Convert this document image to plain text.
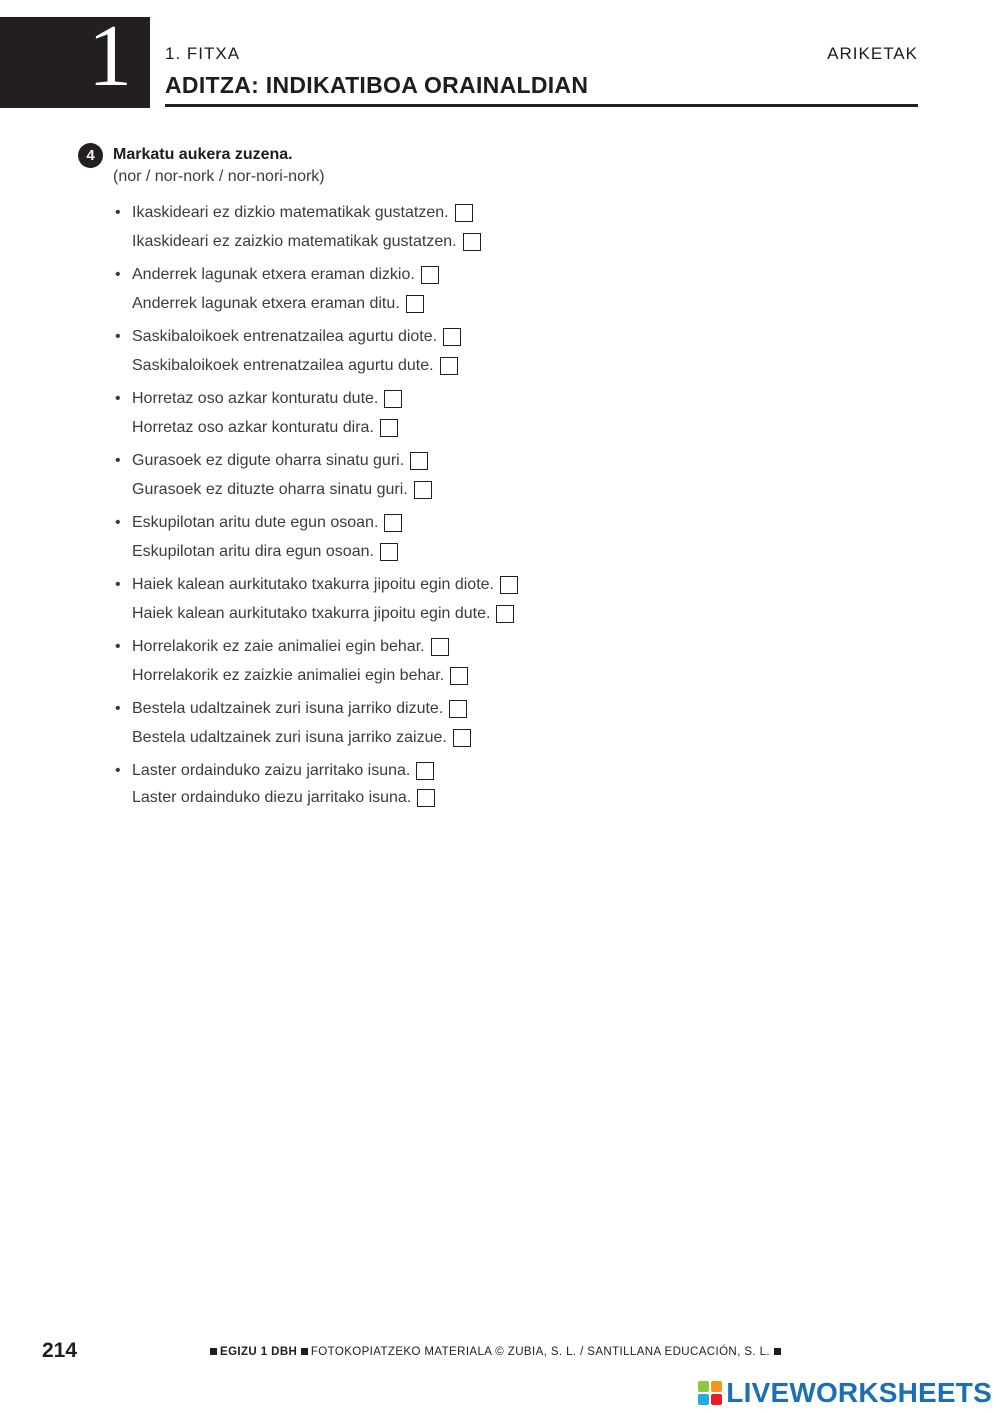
1 1. FITXA	ARIKETAK
ADITZA: INDIKATIBOA ORAINALDIAN
4	Markatu aukera zuzena.
(nor / nor-nork / nor-nori-nork)
• Ikaskideari ez dizkio matematikak gustatzen.
Ikaskideari ez zaizkio matematikak gustatzen.
• Anderrek lagunak etxera eraman dizkio.
Anderrek lagunak etxera eraman ditu.
• Saskibaloikoek entrenatzailea agurtu diote.
Saskibaloikoek entrenatzailea agurtu dute.
• Horretaz oso azkar konturatu dute.
Horretaz oso azkar konturatu dira.
• Gurasoek ez digute oharra sinatu guri.
Gurasoek ez dituzte oharra sinatu guri.
• Eskupilotan aritu dute egun osoan.
Eskupilotan aritu dira egun osoan.
• Haiek kalean aurkitutako txakurra jipoitu egin diote.
Haiek kalean aurkitutako txakurra jipoitu egin dute.
• Horrelakorik ez zaie animaliei egin behar.
Horrelakorik ez zaizkie animaliei egin behar.
• Bestela udaltzainek zuri isuna jarriko dizute.
Bestela udaltzainek zuri isuna jarriko zaizue.
• Laster ordainduko zaizu jarritako isuna.
Laster ordainduko diezu jarritako isuna.
214	EGIZU 1 DBH FOTOKOPIATZEKO MATERIALA © ZUBIA, S. L. / SANTILLANA EDUCACIÓN, S. L.
LIVEWORKSHEETS
